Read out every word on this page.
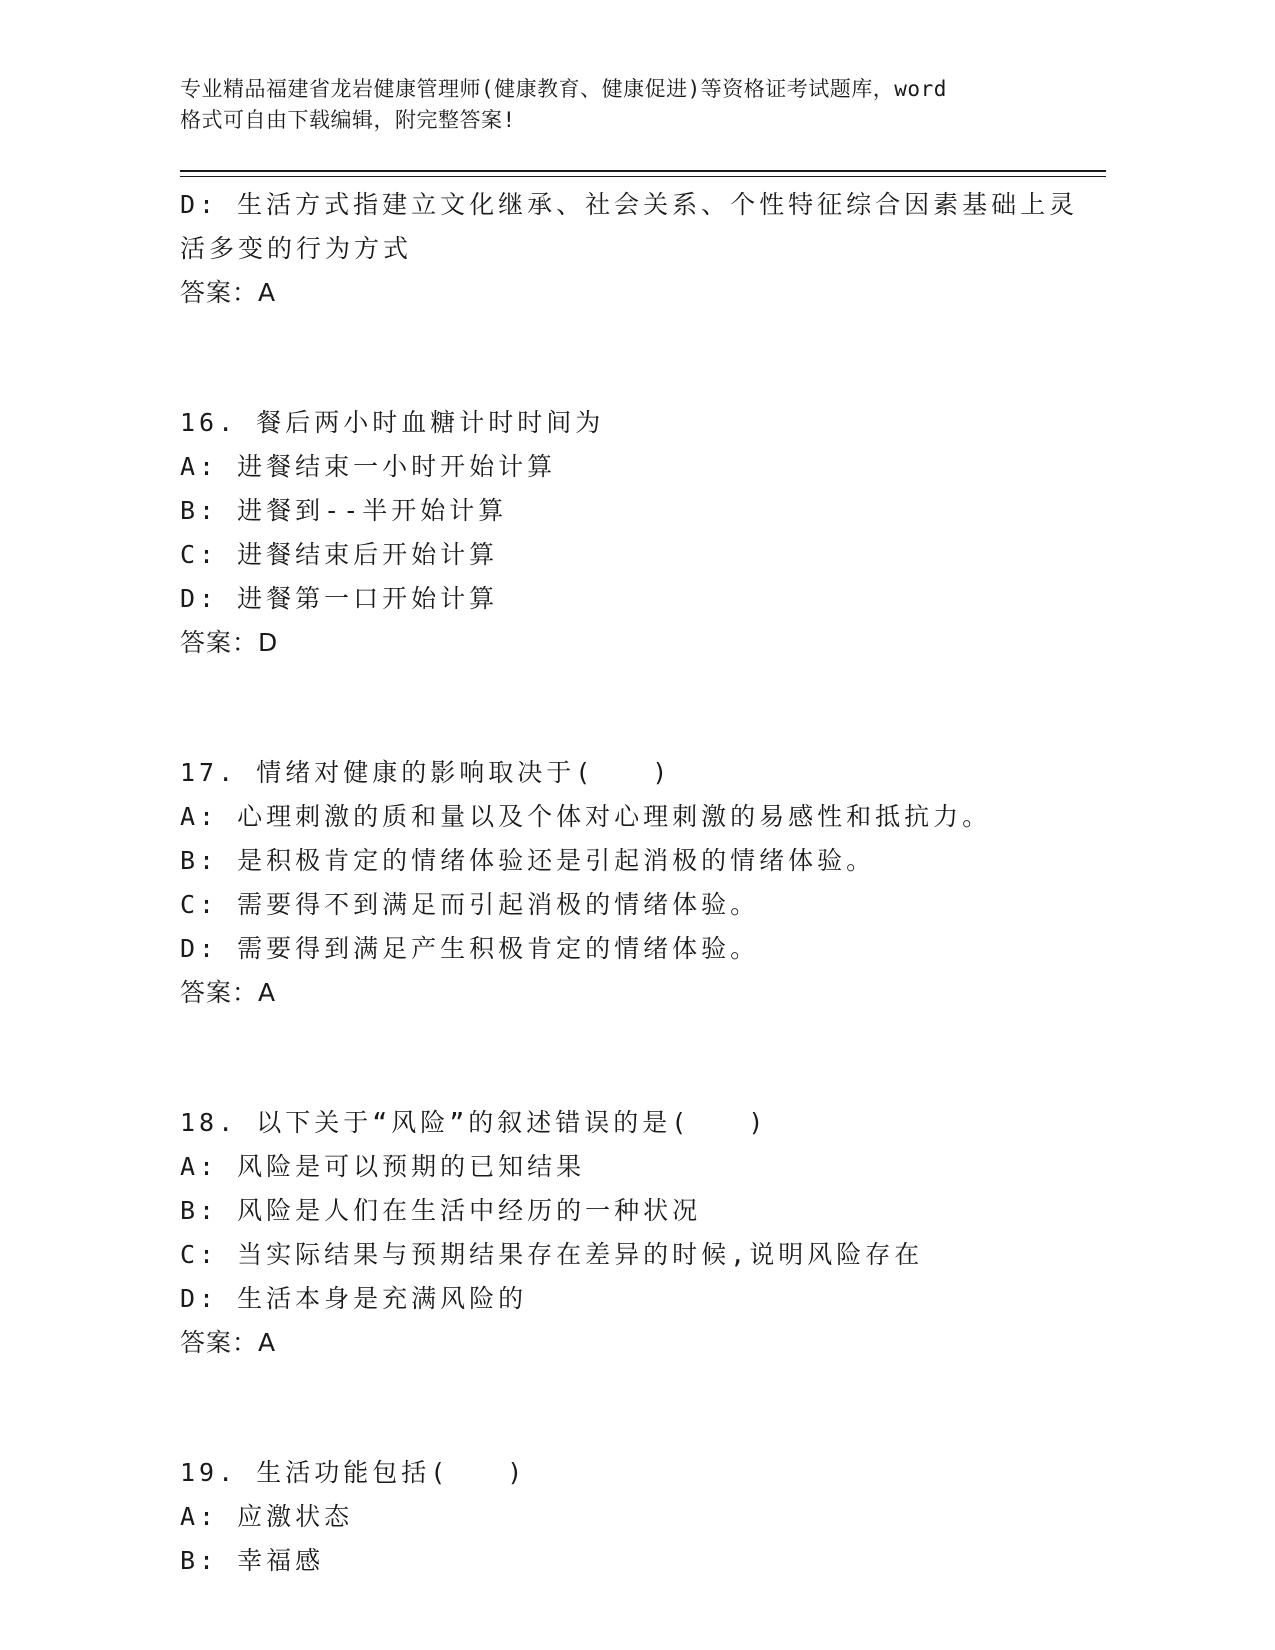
专业精品福建省龙岩健康管理师(健康教育、健康促进)等资格证考试题库，word
格式可自由下载编辑，附完整答案!

D: 生活方式指建立文化继承、社会关系、个性特征综合因素基础上灵

活多变的行为方式

答案：A

16. 餐后两小时血糖计时时间为

A: 进餐结束一小时开始计算

B: 进餐到--半开始计算

C: 进餐结束后开始计算

D: 进餐第一口开始计算

答案：D

17. 情绪对健康的影响取决于(　　)

A: 心理刺激的质和量以及个体对心理刺激的易感性和抵抗力。

B: 是积极肯定的情绪体验还是引起消极的情绪体验。

C: 需要得不到满足而引起消极的情绪体验。

D: 需要得到满足产生积极肯定的情绪体验。

答案：A

18. 以下关于“风险”的叙述错误的是(　　)

A: 风险是可以预期的已知结果

B: 风险是人们在生活中经历的一种状况

C: 当实际结果与预期结果存在差异的时候,说明风险存在

D: 生活本身是充满风险的

答案：A

19. 生活功能包括(　　)

A: 应激状态

B: 幸福感
